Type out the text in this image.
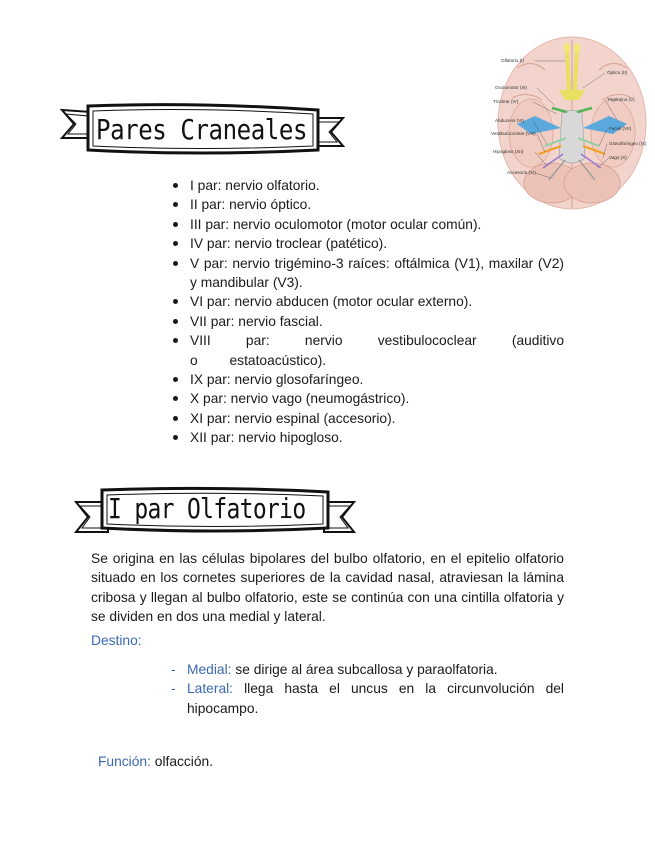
Pares Craneales
Olfatorio (I)
Óptico (II)
Oculomotor (III)
Troclear (IV)	Trigémino (V)
Abducens (VI)
Facial (VII)
Vestibulococlear (VIII)
Glosofaríngeo (IX)
Hipogloso (XII)
Vago (X)
Accesorio (XI)
I par: nervio olfatorio.
II par: nervio óptico.
III par: nervio oculomotor (motor ocular común).
IV par: nervio troclear (patético).
V par: nervio trigémino-3 raíces: oftálmica (V1), maxilar (V2) y mandibular (V3).
VI par: nervio abducen (motor ocular externo).
VII par: nervio fascial.
VIII par: nervio vestibulococlear (auditivo o estatoacústico).
IX par: nervio glosofaríngeo.
X par: nervio vago (neumogástrico).
XI par: nervio espinal (accesorio).
XII par: nervio hipogloso.
I par Olfatorio

Se origina en las células bipolares del bulbo olfatorio, en el epitelio olfatorio situado en los cornetes superiores de la cavidad nasal, atraviesan la lámina cribosa y llegan al bulbo olfatorio, este se continúa con una cintilla olfatoria y se dividen en dos una medial y lateral.

Destino:
- Medial: se dirige al área subcallosa y paraolfatoria.
- Lateral: llega hasta el uncus en la circunvolución del hipocampo.
Función: olfacción.
